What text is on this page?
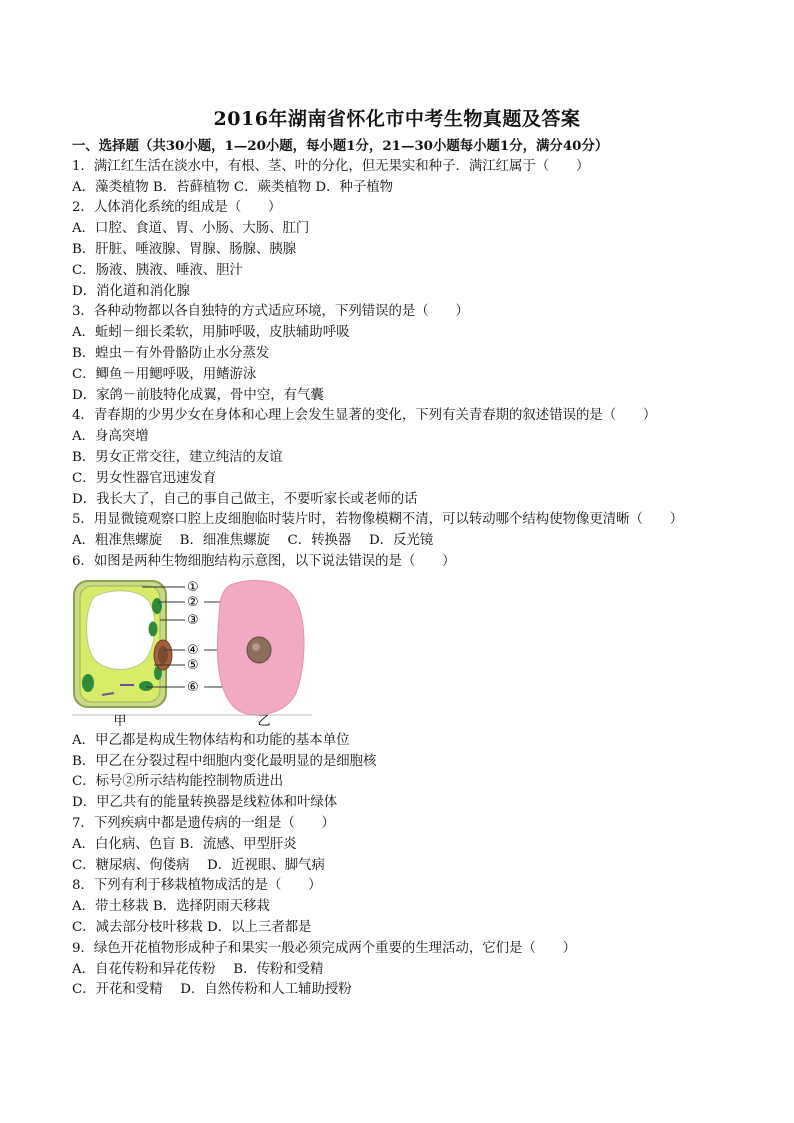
2016年湖南省怀化市中考生物真题及答案
一、选择题（共30小题，1—20小题，每小题1分，21—30小题每小题1分，满分40分）
1．满江红生活在淡水中，有根、茎、叶的分化，但无果实和种子．满江红属于（　　）
A．藻类植物 B．苔藓植物 C．蕨类植物 D．种子植物
2．人体消化系统的组成是（　　）
A．口腔、食道、胃、小肠、大肠、肛门
B．肝脏、唾液腺、胃腺、肠腺、胰腺
C．肠液、胰液、唾液、胆汁
D．消化道和消化腺
3．各种动物都以各自独特的方式适应环境，下列错误的是（　　）
A．蚯蚓－细长柔软，用肺呼吸，皮肤辅助呼吸
B．蝗虫－有外骨骼防止水分蒸发
C．鲫鱼－用鳃呼吸，用鳍游泳
D．家鸽－前肢特化成翼，骨中空，有气囊
4．青春期的少男少女在身体和心理上会发生显著的变化，下列有关青春期的叙述错误的是（　　）
A．身高突增
B．男女正常交往，建立纯洁的友谊
C．男女性器官迅速发育
D．我长大了，自己的事自己做主，不要听家长或老师的话
5．用显微镜观察口腔上皮细胞临时装片时，若物像模糊不清，可以转动哪个结构使物像更清晰（　　）
A．粗准焦螺旋　 B．细准焦螺旋　 C．转换器　 D．反光镜
6．如图是两种生物细胞结构示意图，以下说法错误的是（　　）
①
②
③
④
⑤
⑥
甲	乙
A．甲乙都是构成生物体结构和功能的基本单位
B．甲乙在分裂过程中细胞内变化最明显的是细胞核
C．标号②所示结构能控制物质进出
D．甲乙共有的能量转换器是线粒体和叶绿体
7．下列疾病中都是遗传病的一组是（　　）
A．白化病、色盲 B．流感、甲型肝炎
C．糖尿病、佝偻病　 D．近视眼、脚气病
8．下列有利于移栽植物成活的是（　　）
A．带土移栽 B．选择阴雨天移栽
C．减去部分枝叶移栽 D．以上三者都是
9．绿色开花植物形成种子和果实一般必须完成两个重要的生理活动，它们是（　　）
A．自花传粉和异花传粉　 B．传粉和受精
C．开花和受精　 D．自然传粉和人工辅助授粉
